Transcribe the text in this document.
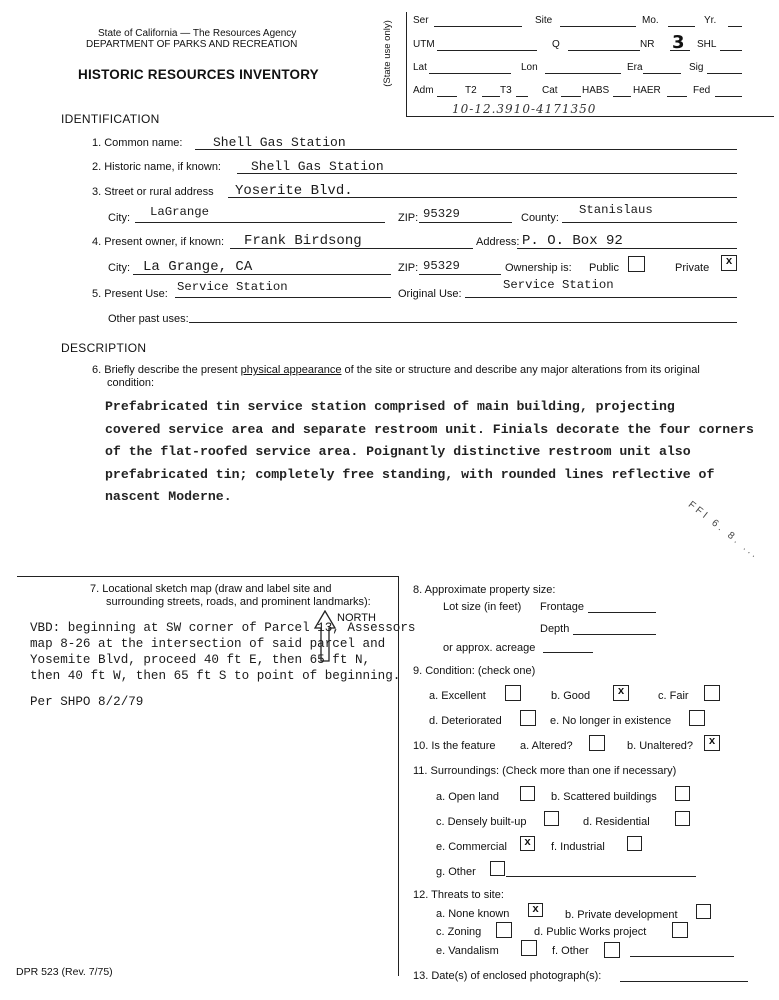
State of California — The Resources Agency
DEPARTMENT OF PARKS AND RECREATION
HISTORIC RESOURCES INVENTORY	(State use only) Ser	Site	Mo.	Yr.
UTM	Q	NR 3 SHL
Lat	Lon	Era	Sig
Adm	T2 T3	Cat HABS HAER	Fed
10-12.3910-4171350
IDENTIFICATION
1. Common name: Shell Gas Station
2. Historic name, if known: Shell Gas Station
3. Street or rural address Yoserite Blvd.
City: LaGrange	ZIP: 95329	County:
Stanislaus
4. Present owner, if known: Frank Birdsong	Address: P. O. Box 92
City: La Grange, CA	ZIP: 95329	Ownership is: Public	Private	x
5. Present Use: Service Station	Original Use:
Service Station
Other past uses:
DESCRIPTION
6. Briefly describe the present physical appearance of the site or structure and describe any major alterations from its original
condition:
Prefabricated tin service station comprised of main building, projecting
covered service area and separate restroom unit. Finials decorate the four corners
of the flat-roofed service area. Poignantly distinctive restroom unit also
prefabricated tin; completely free standing, with rounded lines reflective of
nascent Moderne.
FFI 6. 8. ...
7. Locational sketch map (draw and label site and
surrounding streets, roads, and prominent landmarks):
NORTH
VBD: beginning at SW corner of Parcel 13, Assessors
map 8-26 at the intersection of said parcel and
Yosemite Blvd, proceed 40 ft E, then 65 ft N,
then 40 ft W, then 65 ft S to point of beginning.
Per SHPO 8/2/79
8. Approximate property size:
Lot size (in feet) Frontage
Depth
or approx. acreage
9. Condition: (check one)
a. Excellent	b. Good	x	c. Fair
d. Deteriorated	e. No longer in existence
10. Is the feature a. Altered?	b. Unaltered?	x
11. Surroundings: (Check more than one if necessary)
a. Open land	b. Scattered buildings
c. Densely built-up	d. Residential
e. Commercial	x	f. Industrial
g. Other
12. Threats to site:
a. None known	x	b. Private development
c. Zoning	d. Public Works project
e. Vandalism	f. Other
13. Date(s) of enclosed photograph(s):
DPR 523 (Rev. 7/75)
